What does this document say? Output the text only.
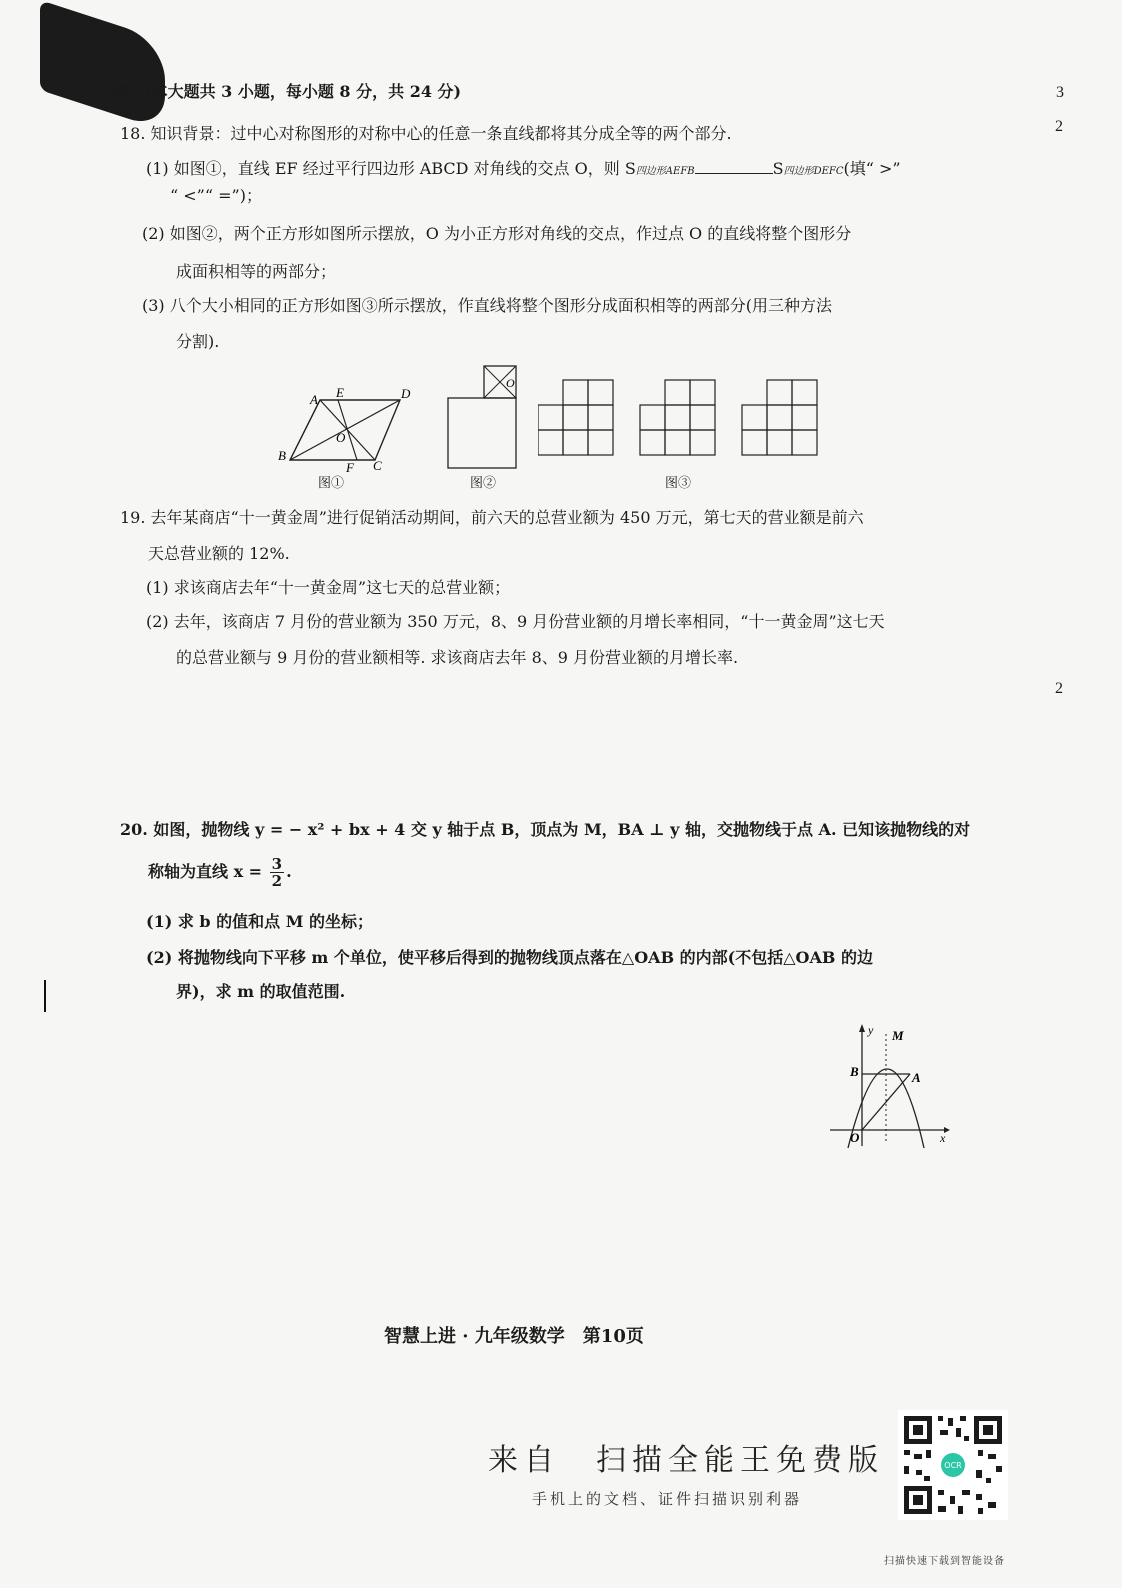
四、(本大题共 3 小题，每小题 8 分，共 24 分)	3
2
2
18. 知识背景：过中心对称图形的对称中心的任意一条直线都将其分成全等的两个部分.
(1) 如图①，直线 EF 经过平行四边形 ABCD 对角线的交点 O，则 S四边形AEFB	S四边形DEFC(填“ >”
“ <”“ =”)；
(2) 如图②，两个正方形如图所示摆放，O 为小正方形对角线的交点，作过点 O 的直线将整个图形分
成面积相等的两部分；
(3) 八个大小相同的正方形如图③所示摆放，作直线将整个图形分成面积相等的两部分(用三种方法
分割).
A E	D
B
O
F C
图①
O
图②	图③
19. 去年某商店“十一黄金周”进行促销活动期间，前六天的总营业额为 450 万元，第七天的营业额是前六
天总营业额的 12%.
(1) 求该商店去年“十一黄金周”这七天的总营业额；
(2) 去年，该商店 7 月份的营业额为 350 万元，8、9 月份营业额的月增长率相同，“十一黄金周”这七天
的总营业额与 9 月份的营业额相等. 求该商店去年 8、9 月份营业额的月增长率.
20. 如图，抛物线 y = − x² + bx + 4 交 y 轴于点 B，顶点为 M，BA ⊥ y 轴，交抛物线于点 A. 已知该抛物线的对
称轴为直线 $x = \frac{3}{2}$ .
(1) 求 b 的值和点 M 的坐标；
(2) 将抛物线向下平移 m 个单位，使平移后得到的抛物线顶点落在△OAB 的内部(不包括△OAB 的边
界)，求 m 的取值范围.
y M
B	A
O	x
智慧上进 · 九年级数学　第10页
来自　扫描全能王免费版
手机上的文档、证件扫描识别利器
扫描快速下载到智能设备
OCR
